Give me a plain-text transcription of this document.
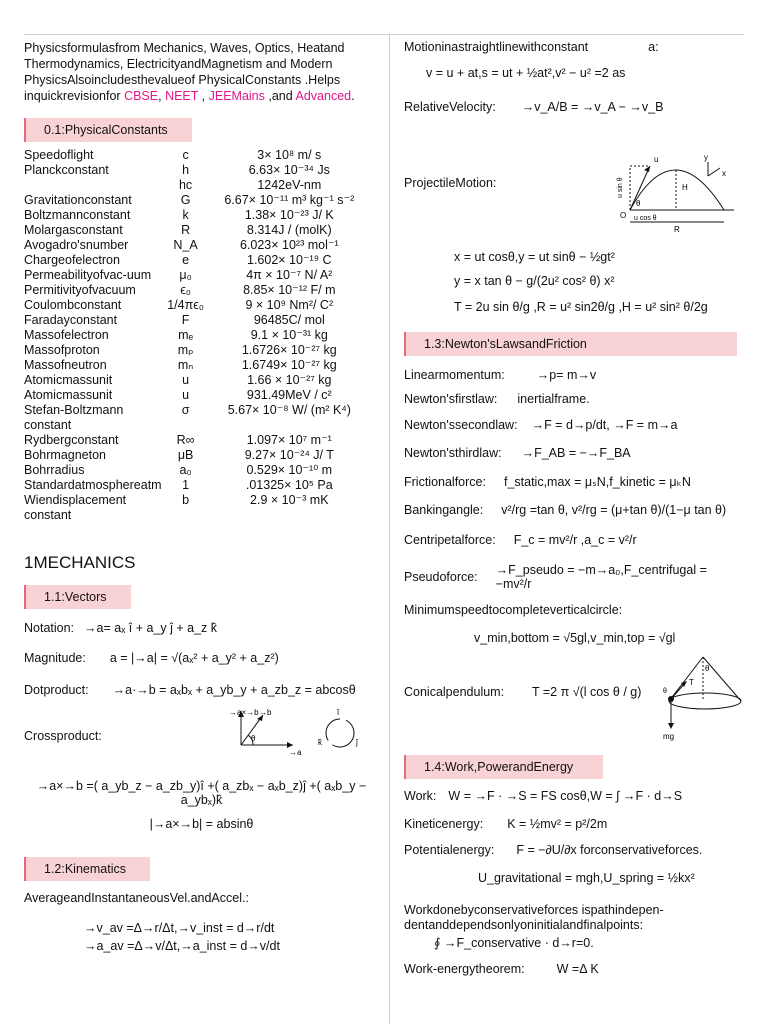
Physicsformulasfrom Mechanics, Waves, Optics, Heatand Thermodynamics, ElectricityandMagnetism and Modern PhysicsAlsoincludesthevalueof PhysicalConstants .Helps inquickrevisionfor CBSE, NEET , JEEMains ,and Advanced.
0.1:PhysicalConstants
Speedoflight	c	3× 10⁸ m/ s
Planckconstant	h	6.63× 10⁻³⁴ Js
	hc	1242eV-nm
Gravitationconstant	G	6.67× 10⁻¹¹ m³ kg⁻¹ s⁻²
Boltzmannconstant	k	1.38× 10⁻²³ J/ K
Molargasconstant	R	8.314J / (molK)
Avogadro'snumber	N_A	6.023× 10²³ mol⁻¹
Chargeofelectron	e	1.602× 10⁻¹⁹ C
Permeabilityofvac-uum	μ₀	4π × 10⁻⁷ N/ A²
Permitivityofvacuum	ϵ₀	8.85× 10⁻¹² F/ m
Coulombconstant	1/4πϵ₀	9 × 10⁹ Nm²/ C²
Faradayconstant	F	96485C/ mol
Massofelectron	mₑ	9.1 × 10⁻³¹ kg
Massofproton	mₚ	1.6726× 10⁻²⁷ kg
Massofneutron	mₙ	1.6749× 10⁻²⁷ kg
Atomicmassunit	u	1.66 × 10⁻²⁷ kg
Atomicmassunit	u	931.49MeV / c²
Stefan-Boltzmann constant	σ	5.67× 10⁻⁸ W/ (m² K⁴)
Rydbergconstant	R∞	1.097× 10⁷ m⁻¹
Bohrmagneton	μB	9.27× 10⁻²⁴ J/ T
Bohrradius	a₀	0.529× 10⁻¹⁰ m
Standardatmosphereatm	1	.01325× 10⁵ Pa
Wiendisplacement constant	b	2.9 × 10⁻³ mK
1MECHANICS
1.1:Vectors
Notation: →a= aₓ î + a_y ĵ + a_z k̂
Magnitude: a = |→a| = √(aₓ² + a_y² + a_z²)
Dotproduct: →a·→b = aₓbₓ + a_yb_y + a_zb_z = abcosθ
Crossproduct:
→a×→b →b
θ
→a
î
ĵ
k̂
→a×→b =( a_yb_z − a_zb_y)î +( a_zbₓ − aₓb_z)ĵ +( aₓb_y − a_ybₓ)k̂
|→a×→b| = absinθ
1.2:Kinematics
AverageandInstantaneousVel.andAccel.:
→v_av =Δ→r/Δt,→v_inst = d→r/dt
→a_av =Δ→v/Δt,→a_inst = d→v/dt
Motioninastraightlinewithconstant	a:
v = u + at,s = ut + ½at²,v² − u² =2 as
RelativeVelocity: →v_A/B = →v_A − →v_B
ProjectileMotion:
u	y
x
u sin θ	H
θ
O u cos θ
R
x = ut cosθ,y = ut sinθ − ½gt²
y = x tan θ − g/(2u² cos² θ) x²
T = 2u sin θ/g ,R = u² sin2θ/g ,H = u² sin² θ/2g
1.3:Newton'sLawsandFriction
Linearmomentum:	→p= m→v
Newton'sfirstlaw: inertialframe.
Newton'ssecondlaw: →F = d→p/dt, →F = m→a
Newton'sthirdlaw: →F_AB = −→F_BA
Frictionalforce: f_static,max = μₛN,f_kinetic = μₖN
Bankingangle: v²/rg =tan θ, v²/rg = (μ+tan θ)/(1−μ tan θ)
Centripetalforce: F_c = mv²/r ,a_c = v²/r
Pseudoforce: →F_pseudo = −m→a₀,F_centrifugal = −mv²/r
Minimumspeedtocompleteverticalcircle:
v_min,bottom = √5gl,v_min,top = √gl
Conicalpendulum: T =2 π √(l cos θ / g)
θ
T
θ
mg
1.4:Work,PowerandEnergy
Work: W = →F · →S = FS cosθ,W = ∫ →F · d→S
Kineticenergy: K = ½mv² = p²/2m
Potentialenergy: F = −∂U/∂x forconservativeforces.
U_gravitational = mgh,U_spring = ½kx²
Workdonebyconservativeforces ispathindepen-dentanddependsonlyoninitialandfinalpoints:
∮ →F_conservative · d→r=0.
Work-energytheorem:	W =Δ K
